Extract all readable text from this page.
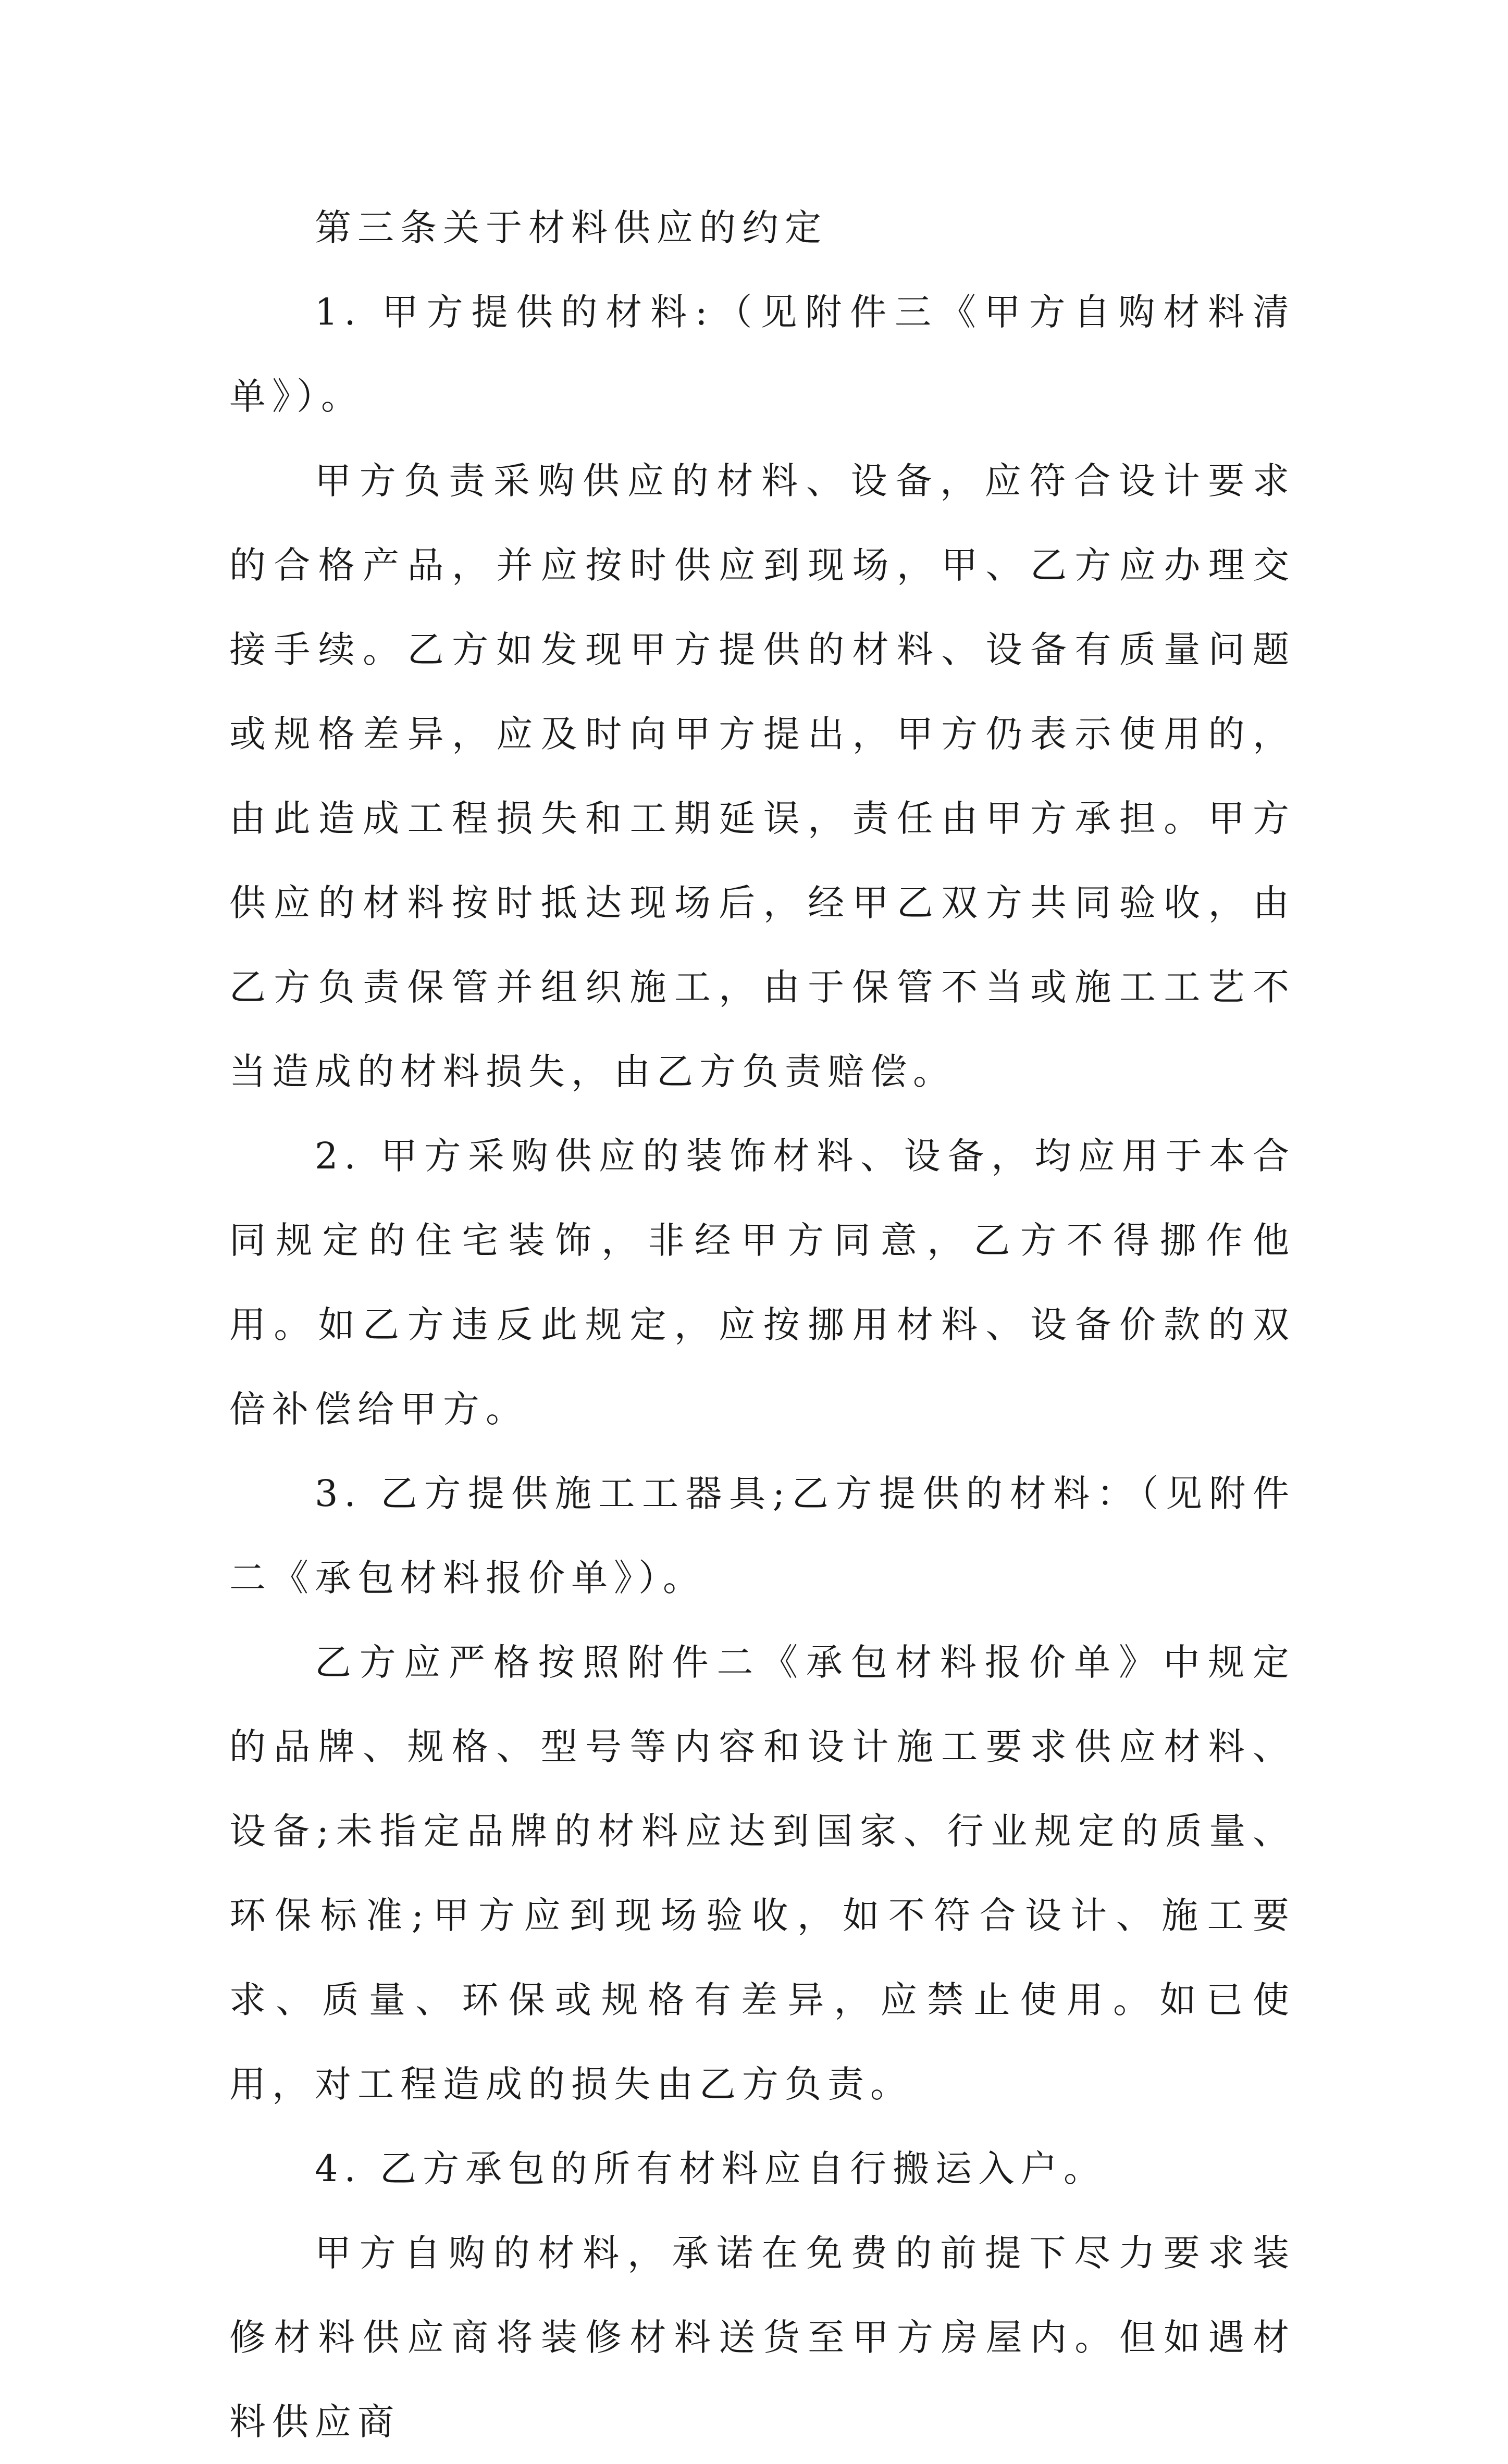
第三条关于材料供应的约定

1. 甲方提供的材料:（见附件三《甲方自购材料清单》）。

甲方负责采购供应的材料、设备，应符合设计要求的合格产品，并应按时供应到现场，甲、乙方应办理交接手续。乙方如发现甲方提供的材料、设备有质量问题或规格差异，应及时向甲方提出，甲方仍表示使用的，由此造成工程损失和工期延误，责任由甲方承担。甲方供应的材料按时抵达现场后，经甲乙双方共同验收，由乙方负责保管并组织施工，由于保管不当或施工工艺不当造成的材料损失，由乙方负责赔偿。

2. 甲方采购供应的装饰材料、设备，均应用于本合同规定的住宅装饰，非经甲方同意，乙方不得挪作他用。如乙方违反此规定，应按挪用材料、设备价款的双倍补偿给甲方。

3. 乙方提供施工工器具;乙方提供的材料：（见附件二《承包材料报价单》）。

乙方应严格按照附件二《承包材料报价单》中规定的品牌、规格、型号等内容和设计施工要求供应材料、设备;未指定品牌的材料应达到国家、行业规定的质量、环保标准;甲方应到现场验收，如不符合设计、施工要求、质量、环保或规格有差异，应禁止使用。如已使用，对工程造成的损失由乙方负责。

4. 乙方承包的所有材料应自行搬运入户。

甲方自购的材料，承诺在免费的前提下尽力要求装修材料供应商将装修材料送货至甲方房屋内。但如遇材料供应商
